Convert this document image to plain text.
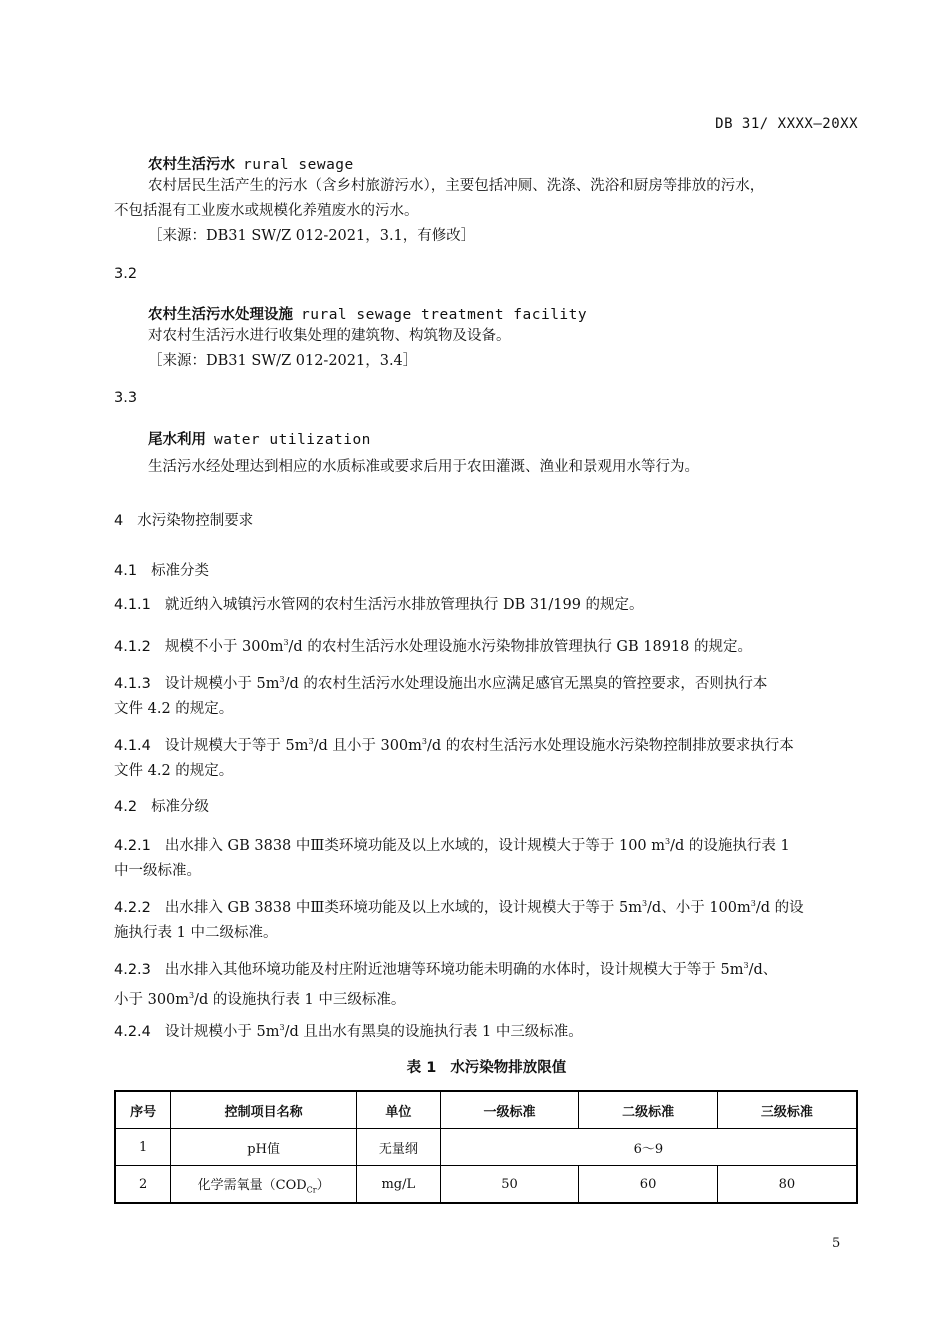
DB 31/ XXXX—20XX
农村生活污水 rural sewage
农村居民生活产生的污水（含乡村旅游污水），主要包括冲厕、洗涤、洗浴和厨房等排放的污水，
不包括混有工业废水或规模化养殖废水的污水。
［来源：DB31 SW/Z 012-2021，3.1，有修改］
3.2
农村生活污水处理设施 rural sewage treatment facility
对农村生活污水进行收集处理的建筑物、构筑物及设备。
［来源：DB31 SW/Z 012-2021，3.4］
3.3
尾水利用 water utilization
生活污水经处理达到相应的水质标准或要求后用于农田灌溉、渔业和景观用水等行为。
4 水污染物控制要求
4.1 标准分类
4.1.1 就近纳入城镇污水管网的农村生活污水排放管理执行 DB 31/199 的规定。
4.1.2 规模不小于 $300m^3/d$ 的农村生活污水处理设施水污染物排放管理执行 GB 18918 的规定。
4.1.3 设计规模小于 $5m^3/d$ 的农村生活污水处理设施出水应满足感官无黑臭的管控要求，否则执行本
文件 4.2 的规定。
4.1.4 设计规模大于等于 $5m^3/d$ 且小于 $300m^3/d$ 的农村生活污水处理设施水污染物控制排放要求执行本
文件 4.2 的规定。
4.2 标准分级
4.2.1 出水排入 GB 3838 中Ⅲ类环境功能及以上水域的，设计规模大于等于 100 $m^3/d$ 的设施执行表 1
中一级标准。
4.2.2 出水排入 GB 3838 中Ⅲ类环境功能及以上水域的，设计规模大于等于 $5m^3/d$、小于 $100m^3/d$ 的设
施执行表 1 中二级标准。
4.2.3 出水排入其他环境功能及村庄附近池塘等环境功能未明确的水体时，设计规模大于等于 $5m^3/d$、
小于 $300m^3/d$ 的设施执行表 1 中三级标准。
4.2.4 设计规模小于 $5m^3/d$ 且出水有黑臭的设施执行表 1 中三级标准。
表 1 水污染物排放限值
序号	控制项目名称	单位	一级标准	二级标准	三级标准
1	pH值	无量纲	6～9		
2	化学需氧量$(COD_{Cr})$	mg/L	50	60	80
5
